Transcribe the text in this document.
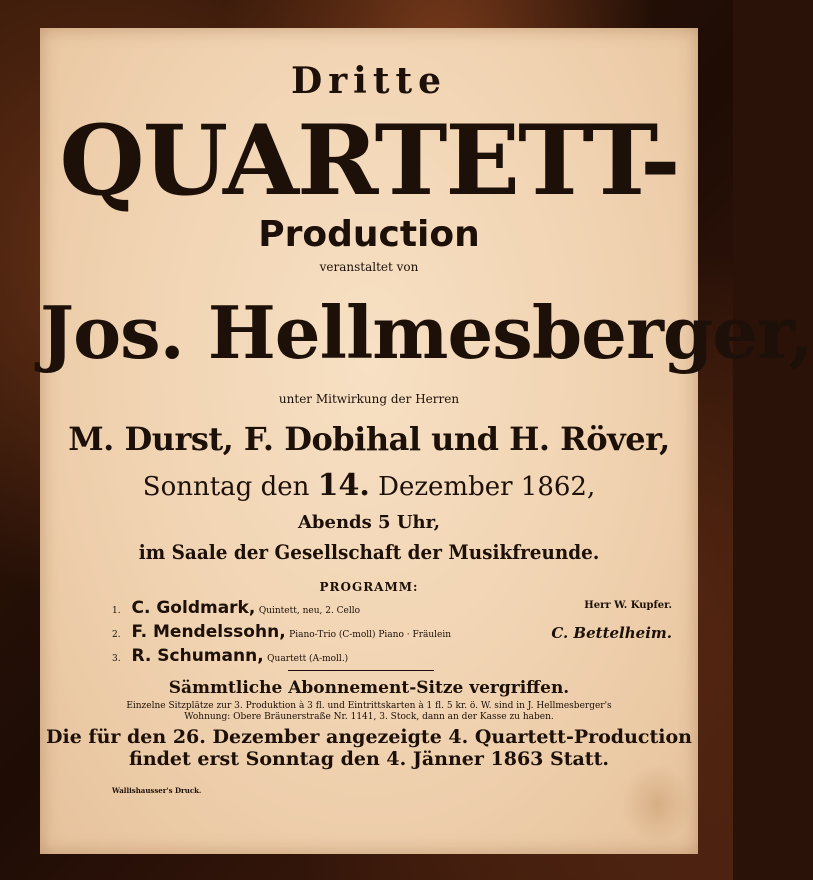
Dritte
QUARTETT-
Production
veranstaltet von
Jos. Hellmesberger,
unter Mitwirkung der Herren
M. Durst, F. Dobihal und H. Röver,
Sonntag den 14. Dezember 1862,
Abends 5 Uhr,
im Saale der Gesellschaft der Musikfreunde.
PROGRAMM:
1. C. Goldmark, Quintett, neu, 2. Cello	Herr W. Kupfer.
2. F. Mendelssohn, Piano-Trio (C-moll) Piano · Fräulein	C. Bettelheim.
3. R. Schumann, Quartett (A-moll.)
Sämmtliche Abonnement-Sitze vergriffen.
Einzelne Sitzplätze zur 3. Produktion à 3 fl. und Eintrittskarten à 1 fl. 5 kr. ö. W. sind in J. Hellmesberger's
Wohnung: Obere Bräunerstraße Nr. 1141, 3. Stock, dann an der Kasse zu haben.
Die für den 26. Dezember angezeigte 4. Quartett-Production
findet erst Sonntag den 4. Jänner 1863 Statt.
Wallishausser's Druck.
